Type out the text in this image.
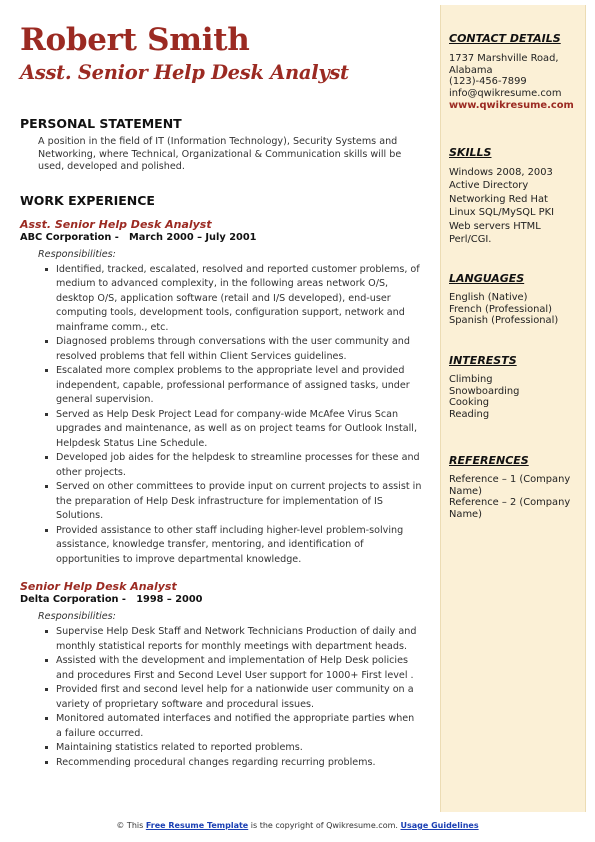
Robert Smith
Asst. Senior Help Desk Analyst
PERSONAL STATEMENT

A position in the field of IT (Information Technology), Security Systems and Networking, where Technical, Organizational & Communication skills will be used, developed and polished.

WORK EXPERIENCE
Asst. Senior Help Desk Analyst
ABC Corporation -   March 2000 – July 2001
Responsibilities:
Identified, tracked, escalated, resolved and reported customer problems, of medium to advanced complexity, in the following areas network O/S, desktop O/S, application software (retail and I/S developed), end-user computing tools, development tools, configuration support, network and mainframe comm., etc.
Diagnosed problems through conversations with the user community and resolved problems that fell within Client Services guidelines.
Escalated more complex problems to the appropriate level and provided independent, capable, professional performance of assigned tasks, under general supervision.
Served as Help Desk Project Lead for company-wide McAfee Virus Scan upgrades and maintenance, as well as on project teams for Outlook Install, Helpdesk Status Line Schedule.
Developed job aides for the helpdesk to streamline processes for these and other projects.
Served on other committees to provide input on current projects to assist in the preparation of Help Desk infrastructure for implementation of IS Solutions.
Provided assistance to other staff including higher-level problem-solving assistance, knowledge transfer, mentoring, and identification of opportunities to improve departmental knowledge.
Senior Help Desk Analyst
Delta Corporation -   1998 – 2000
Responsibilities:
Supervise Help Desk Staff and Network Technicians Production of daily and monthly statistical reports for monthly meetings with department heads.
Assisted with the development and implementation of Help Desk policies and procedures First and Second Level User support for 1000+ First level .
Provided first and second level help for a nationwide user community on a variety of proprietary software and procedural issues.
Monitored automated interfaces and notified the appropriate parties when a failure occurred.
Maintaining statistics related to reported problems.
Recommending procedural changes regarding recurring problems.
CONTACT DETAILS
1737 Marshville Road,
Alabama
(123)-456-7899
info@qwikresume.com
www.qwikresume.com
SKILLS
Windows 2008, 2003
Active Directory
Networking Red Hat
Linux SQL/MySQL PKI
Web servers HTML
Perl/CGI.
LANGUAGES
English (Native)
French (Professional)
Spanish (Professional)
INTERESTS
Climbing
Snowboarding
Cooking
Reading
REFERENCES
Reference – 1 (Company Name)
Reference – 2 (Company Name)
© This Free Resume Template is the copyright of Qwikresume.com. Usage Guidelines
